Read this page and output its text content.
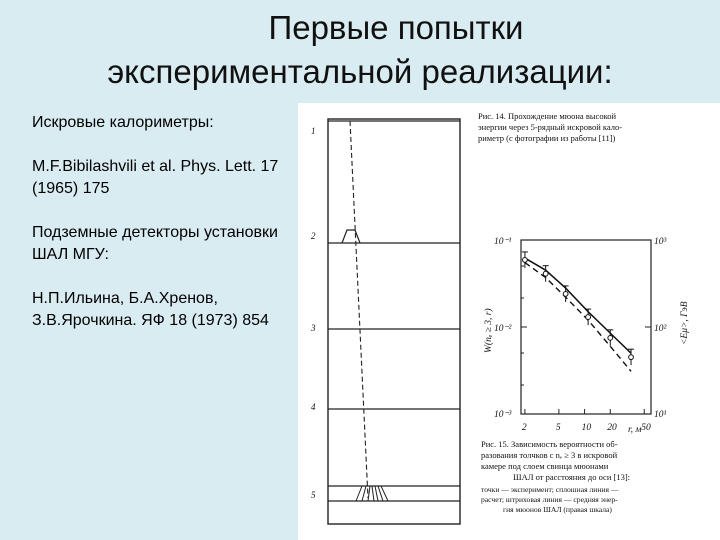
Первые попытки
экспериментальной реализации:

Искровые калориметры:

M.F.Bibilashvili et al. Phys. Lett. 17 (1965) 175

Подземные детекторы установки ШАЛ МГУ:

Н.П.Ильина, Б.А.Хренов, З.В.Ярочкина. ЯФ 18 (1973) 854

1
2
3
4
5
Рис. 14. Прохождение мюона высокой
энергии через 5-рядный искровой кало-
риметр (с фотографии из работы [11])
10⁻¹
10⁻²
10⁻³
10³
10²
10¹
W(nₑ ≥ 3, r)	<Eμ>, ГэВ
2	5 10 20	50
r, м
Рис. 15. Зависимость вероятности об-
разования толчков с nₑ ≥ 3 в искровой
камере под слоем свинца мюонами
ШАЛ от расстояния до оси [13]:
точки — эксперимент; сплошная линия —
расчет; штриховая линия — средняя энер-
гия мюонов ШАЛ (правая шкала)
